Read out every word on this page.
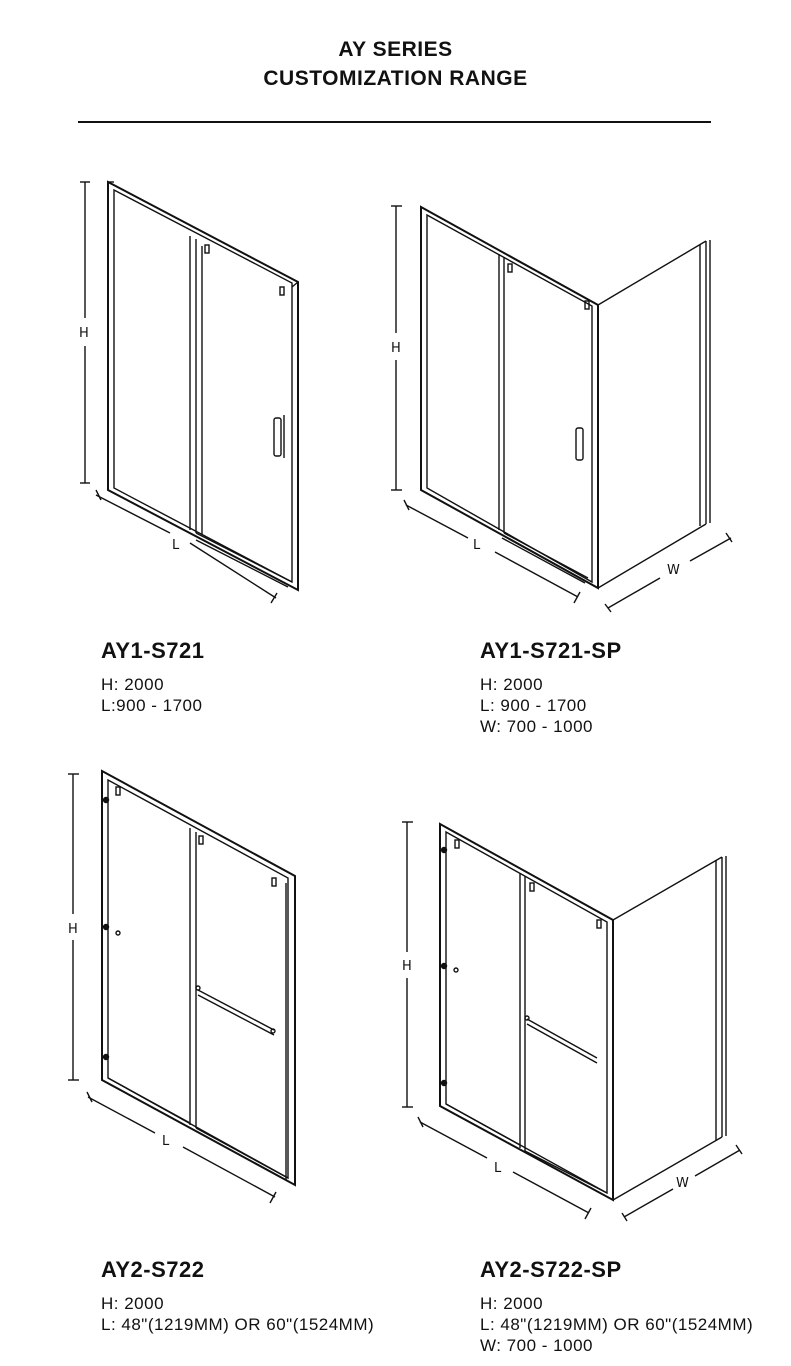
AY SERIES
CUSTOMIZATION RANGE
H
L
H
L
W
H
L
H
L
W
AY1-S721
H: 2000
L:900 - 1700
AY1-S721-SP
H: 2000
L: 900 - 1700
W: 700 - 1000
AY2-S722
H: 2000
L: 48"(1219MM) OR 60"(1524MM)
AY2-S722-SP
H: 2000
L: 48"(1219MM) OR 60"(1524MM)
W: 700 - 1000
